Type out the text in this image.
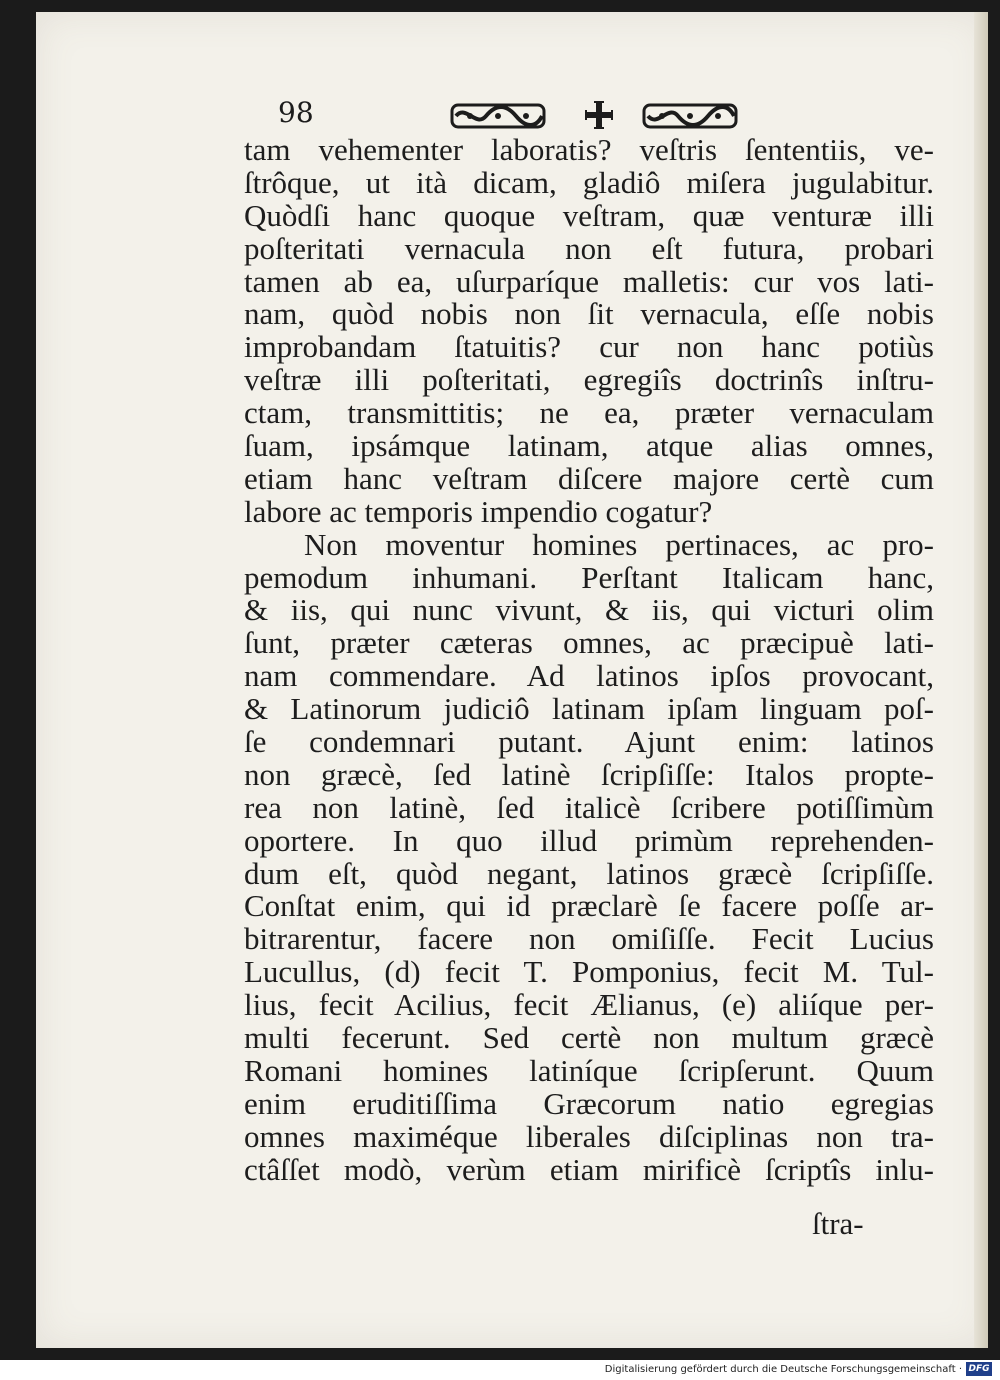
98
tam vehementer laboratis? veſtris ſententiis, ve-
ſtrôque, ut ità dicam, gladiô miſera jugulabitur.
Quòdſi hanc quoque veſtram, quæ venturæ illi
poſteritati vernacula non eſt futura, probari
tamen ab ea, uſurparíque malletis: cur vos lati-
nam, quòd nobis non ſit vernacula, eſſe nobis
improbandam ſtatuitis? cur non hanc potiùs
veſtræ illi poſteritati, egregiîs doctrinîs inſtru-
ctam, transmittitis; ne ea, præter vernaculam
ſuam, ipsámque latinam, atque alias omnes,
etiam hanc veſtram diſcere majore certè cum
labore ac temporis impendio cogatur?
Non moventur homines pertinaces, ac pro-
pemodum inhumani. Perſtant Italicam hanc,
& iis, qui nunc vivunt, & iis, qui victuri olim
ſunt, præter cæteras omnes, ac præcipuè lati-
nam commendare. Ad latinos ipſos provocant,
& Latinorum judiciô latinam ipſam linguam poſ-
ſe condemnari putant. Ajunt enim: latinos
non græcè, ſed latinè ſcripſiſſe: Italos propte-
rea non latinè, ſed italicè ſcribere potiſſimùm
oportere. In quo illud primùm reprehenden-
dum eſt, quòd negant, latinos græcè ſcripſiſſe.
Conſtat enim, qui id præclarè ſe facere poſſe ar-
bitrarentur, facere non omiſiſſe. Fecit Lucius
Lucullus, (d) fecit T. Pomponius, fecit M. Tul-
lius, fecit Acilius, fecit Ælianus, (e) aliíque per-
multi fecerunt. Sed certè non multum græcè
Romani homines latiníque ſcripſerunt. Quum
enim eruditiſſima Græcorum natio egregias
omnes maximéque liberales diſciplinas non tra-
ctâſſet modò, verùm etiam mirificè ſcriptîs inlu-
ſtra-
Digitalisierung gefördert durch die Deutsche Forschungsgemeinschaft · DFG
